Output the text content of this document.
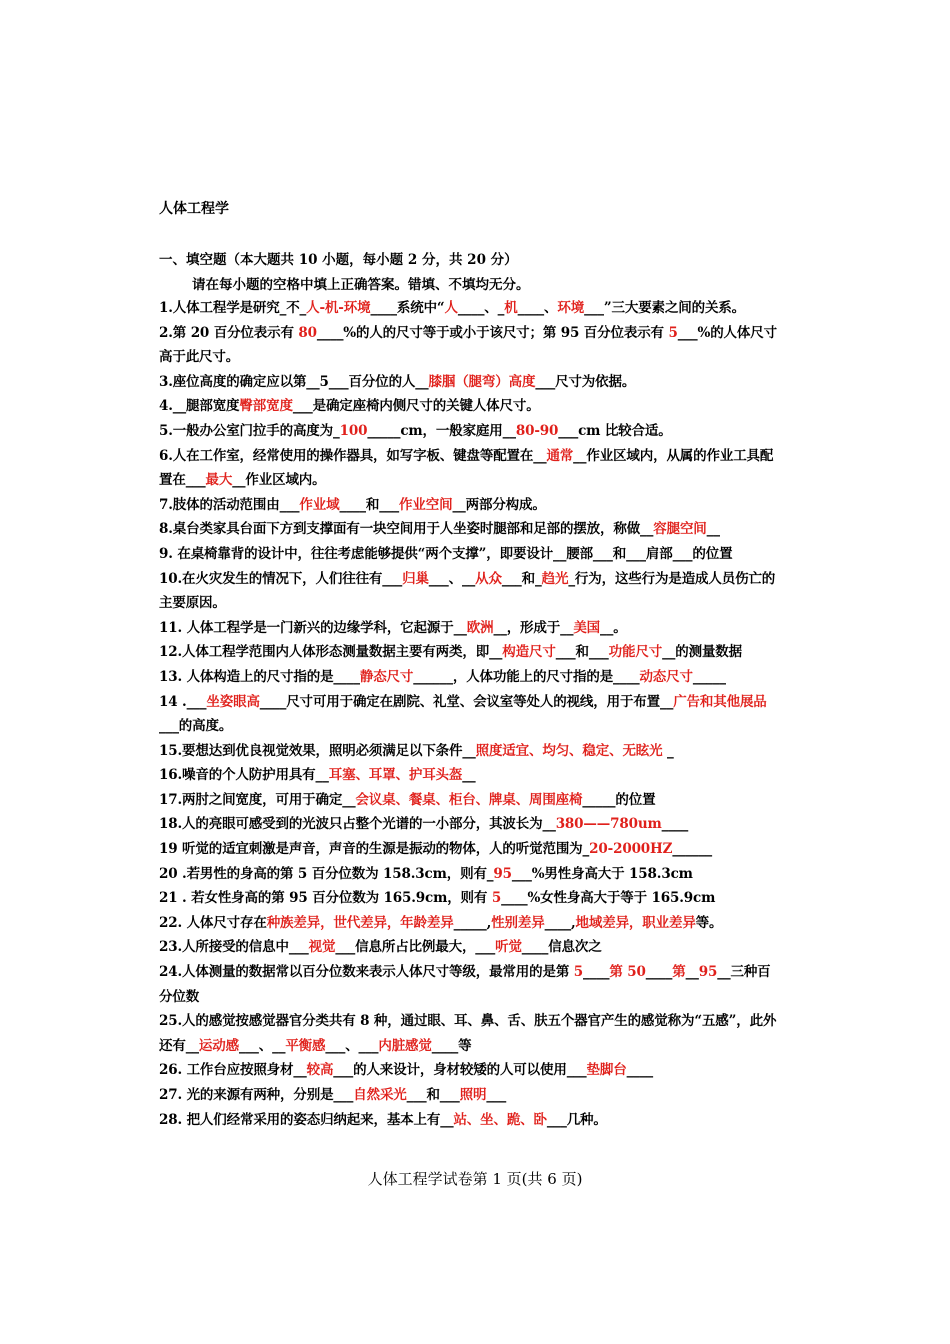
人体工程学
一、填空题（本大题共 10 小题，每小题 2 分，共 20 分）
请在每小题的空格中填上正确答案。错填、不填均无分。
1.人体工程学是研究_不_人-机-环境____系统中“人____、_机____、环境___”三大要素之间的关系。
2.第 20 百分位表示有 80____%的人的尺寸等于或小于该尺寸；第 95 百分位表示有 5___%的人体尺寸
高于此尺寸。
3.座位高度的确定应以第__5___百分位的人__膝腘（腿弯）高度___尺寸为依据。
4.__腿部宽度臀部宽度___是确定座椅内侧尺寸的关键人体尺寸。
5.一般办公室门拉手的高度为_100_____cm，一般家庭用__80-90___cm 比较合适。
6.人在工作室，经常使用的操作器具，如写字板、键盘等配置在__通常__作业区域内，从属的作业工具配
置在___最大__作业区域内。
7.肢体的活动范围由___作业域____和___作业空间__两部分构成。
8.桌台类家具台面下方到支撑面有一块空间用于人坐姿时腿部和足部的摆放，称做__容腿空间__
9. 在桌椅靠背的设计中，往往考虑能够提供“两个支撑”，即要设计__腰部___和___肩部___的位置
10.在火灾发生的情况下，人们往往有___归巢___、__从众___和_趋光_行为，这些行为是造成人员伤亡的
主要原因。
11. 人体工程学是一门新兴的边缘学科，它起源于__欧洲__，形成于__美国__。
12.人体工程学范围内人体形态测量数据主要有两类，即__构造尺寸___和___功能尺寸__的测量数据
13. 人体构造上的尺寸指的是____静态尺寸______，人体功能上的尺寸指的是____动态尺寸_____
14 .___坐姿眼高____尺寸可用于确定在剧院、礼堂、会议室等处人的视线，用于布置__广告和其他展品
___的高度。
15.要想达到优良视觉效果，照明必须满足以下条件__照度适宜、均匀、稳定、无眩光 _
16.噪音的个人防护用具有__耳塞、耳罩、护耳头盔__
17.两肘之间宽度，可用于确定__会议桌、餐桌、柜台、牌桌、周围座椅_____的位置
18.人的亮眼可感受到的光波只占整个光谱的一小部分，其波长为__380——780um____
19 听觉的适宜刺激是声音，声音的生源是振动的物体，人的听觉范围为_20-2000HZ______
20 .若男性的身高的第 5 百分位数为 158.3cm，则有_95___%男性身高大于 158.3cm
21 . 若女性身高的第 95 百分位数为 165.9cm，则有 5____%女性身高大于等于 165.9cm
22. 人体尺寸存在种族差异，世代差异，年龄差异_____,性别差异____,地域差异，职业差异等。
23.人所接受的信息中___视觉___信息所占比例最大，___听觉____信息次之
24.人体测量的数据常以百分位数来表示人体尺寸等级，最常用的是第 5____第 50____第__95__三种百
分位数
25.人的感觉按感觉器官分类共有 8 种，通过眼、耳、鼻、舌、肤五个器官产生的感觉称为“五感”，此外
还有__运动感___、__平衡感___、___内脏感觉____等
26. 工作台应按照身材__较高___的人来设计，身材较矮的人可以使用___垫脚台____
27. 光的来源有两种，分别是___自然采光___和___照明___
28. 把人们经常采用的姿态归纳起来，基本上有__站、坐、跪、卧___几种。
人体工程学试卷第 1 页(共 6 页)
